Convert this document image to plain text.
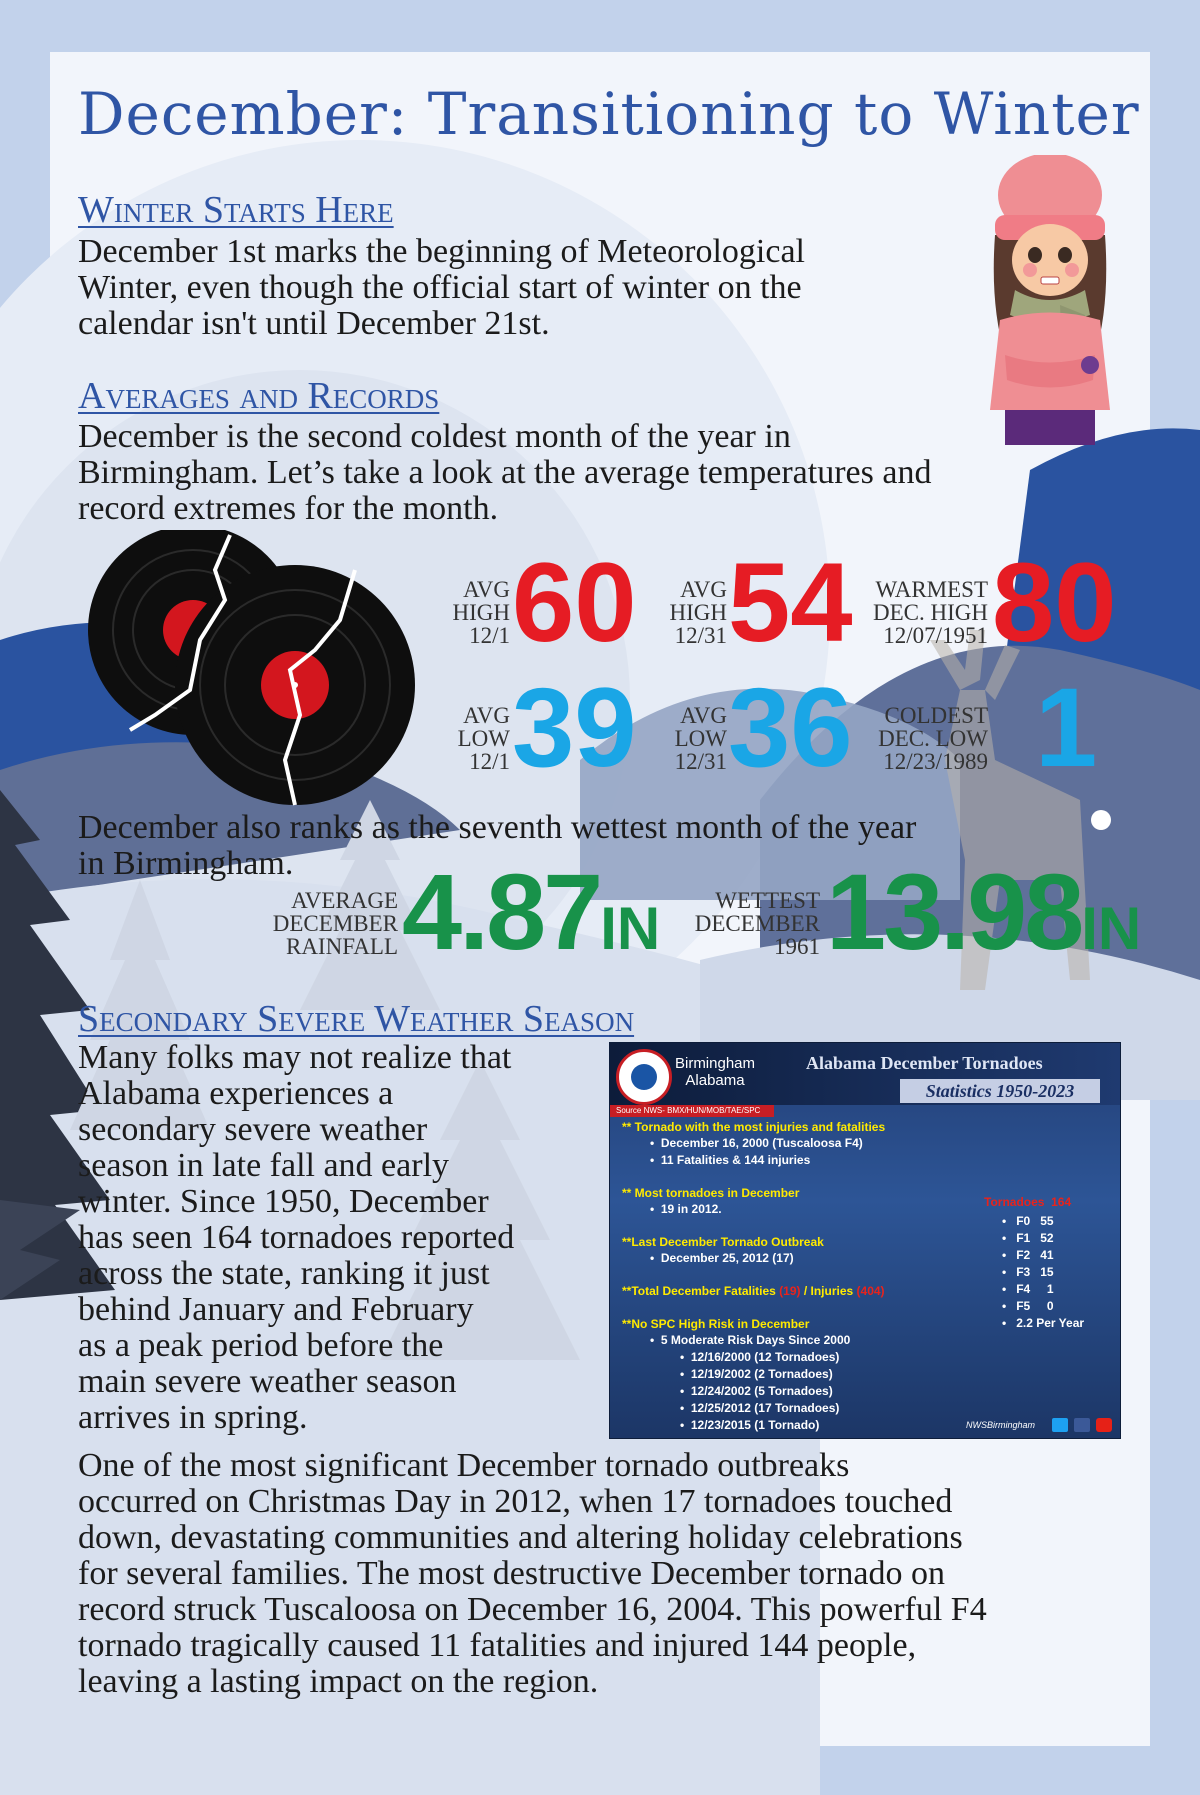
December: Transitioning to Winter
Winter Starts Here
December 1st marks the beginning of Meteorological
Winter, even though the official start of winter on the
calendar isn't until December 21st.
Averages and Records
December is the second coldest month of the year in
Birmingham. Let’s take a look at the average temperatures and
record extremes for the month.
AVG
HIGH
12/1 60	AVG
HIGH
12/31 54 WARMEST
DEC. HIGH
12/07/1951 80
AVG
LOW
12/1 39	AVG
LOW
12/31 36	COLDEST
DEC. LOW
12/23/1989 1
December also ranks as the seventh wettest month of the year
in Birmingham.
AVERAGE
DECEMBER
RAINFALL 4.87IN	WETTEST
DECEMBER
1961 13.98IN
Secondary Severe Weather Season
Many folks may not realize that
Alabama experiences a
secondary severe weather
season in late fall and early
winter. Since 1950, December
has seen 164 tornadoes reported
across the state, ranking it just
behind January and February
as a peak period before the
main severe weather season
arrives in spring.
Birmingham
Alabama
Alabama December Tornadoes
Statistics 1950-2023
Source NWS- BMX/HUN/MOB/TAE/SPC
** Tornado with the most injuries and fatalities
•  December 16, 2000 (Tuscaloosa F4)
•  11 Fatalities & 144 injuries
** Most tornadoes in December
•  19 in 2012.
**Last December Tornado Outbreak
•  December 25, 2012 (17)
**Total December Fatalities (19) / Injuries (404)
**No SPC High Risk in December
•  5 Moderate Risk Days Since 2000
•  12/16/2000 (12 Tornadoes)
•  12/19/2002 (2 Tornadoes)
•  12/24/2002 (5 Tornadoes)
•  12/25/2012 (17 Tornadoes)
•  12/23/2015 (1 Tornado)
Tornadoes  164
•   F0 55
•   F1 52
•   F2 41
•   F3 15
•   F4 1
•   F5 0
•   2.2 Per Year
NWSBirmingham
One of the most significant December tornado outbreaks
occurred on Christmas Day in 2012, when 17 tornadoes touched
down, devastating communities and altering holiday celebrations
for several families. The most destructive December tornado on
record struck Tuscaloosa on December 16, 2004. This powerful F4
tornado tragically caused 11 fatalities and injured 144 people,
leaving a lasting impact on the region.
